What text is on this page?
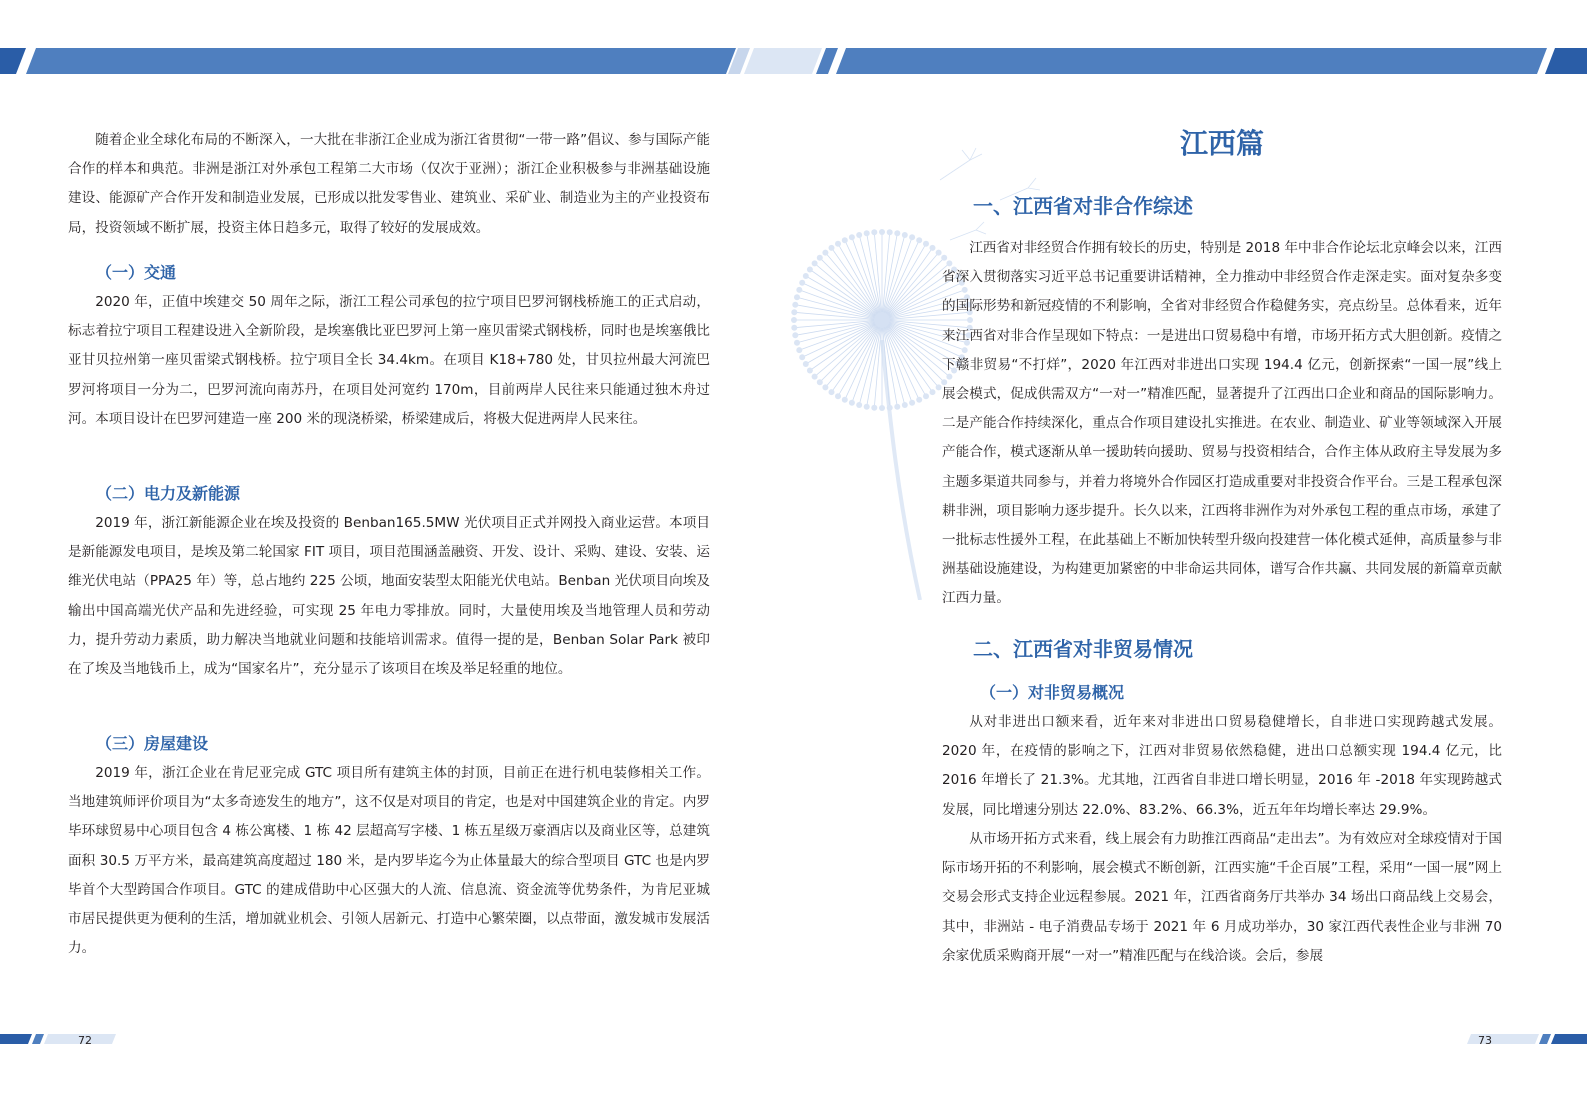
随着企业全球化布局的不断深入，一大批在非浙江企业成为浙江省贯彻“一带一路”倡议、参与国际产能合作的样本和典范。非洲是浙江对外承包工程第二大市场（仅次于亚洲）；浙江企业积极参与非洲基础设施建设、能源矿产合作开发和制造业发展，已形成以批发零售业、建筑业、采矿业、制造业为主的产业投资布局，投资领域不断扩展，投资主体日趋多元，取得了较好的发展成效。

（一）交通

2020 年，正值中埃建交 50 周年之际，浙江工程公司承包的拉宁项目巴罗河钢栈桥施工的正式启动，标志着拉宁项目工程建设进入全新阶段，是埃塞俄比亚巴罗河上第一座贝雷梁式钢栈桥，同时也是埃塞俄比亚甘贝拉州第一座贝雷梁式钢栈桥。拉宁项目全长 34.4km。在项目 K18+780 处，甘贝拉州最大河流巴罗河将项目一分为二，巴罗河流向南苏丹，在项目处河宽约 170m，目前两岸人民往来只能通过独木舟过河。本项目设计在巴罗河建造一座 200 米的现浇桥梁，桥梁建成后，将极大促进两岸人民来往。

（二）电力及新能源

2019 年，浙江新能源企业在埃及投资的 Benban165.5MW 光伏项目正式并网投入商业运营。本项目是新能源发电项目，是埃及第二轮国家 FIT 项目，项目范围涵盖融资、开发、设计、采购、建设、安装、运维光伏电站（PPA25 年）等，总占地约 225 公顷，地面安装型太阳能光伏电站。Benban 光伏项目向埃及输出中国高端光伏产品和先进经验，可实现 25 年电力零排放。同时，大量使用埃及当地管理人员和劳动力，提升劳动力素质，助力解决当地就业问题和技能培训需求。值得一提的是，Benban Solar Park 被印在了埃及当地钱币上，成为“国家名片”，充分显示了该项目在埃及举足轻重的地位。

（三）房屋建设

2019 年，浙江企业在肯尼亚完成 GTC 项目所有建筑主体的封顶，目前正在进行机电装修相关工作。当地建筑师评价项目为“太多奇迹发生的地方”，这不仅是对项目的肯定，也是对中国建筑企业的肯定。内罗毕环球贸易中心项目包含 4 栋公寓楼、1 栋 42 层超高写字楼、1 栋五星级万豪酒店以及商业区等，总建筑面积 30.5 万平方米，最高建筑高度超过 180 米，是内罗毕迄今为止体量最大的综合型项目 GTC 也是内罗毕首个大型跨国合作项目。GTC 的建成借助中心区强大的人流、信息流、资金流等优势条件，为肯尼亚城市居民提供更为便利的生活，增加就业机会、引领人居新元、打造中心繁荣圈，以点带面，激发城市发展活力。

江西篇
一、江西省对非合作综述

江西省对非经贸合作拥有较长的历史，特别是 2018 年中非合作论坛北京峰会以来，江西省深入贯彻落实习近平总书记重要讲话精神，全力推动中非经贸合作走深走实。面对复杂多变的国际形势和新冠疫情的不利影响，全省对非经贸合作稳健务实，亮点纷呈。总体看来，近年来江西省对非合作呈现如下特点：一是进出口贸易稳中有增，市场开拓方式大胆创新。疫情之下赣非贸易“不打烊”，2020 年江西对非进出口实现 194.4 亿元，创新探索“一国一展”线上展会模式，促成供需双方“一对一”精准匹配，显著提升了江西出口企业和商品的国际影响力。二是产能合作持续深化，重点合作项目建设扎实推进。在农业、制造业、矿业等领域深入开展产能合作，模式逐渐从单一援助转向援助、贸易与投资相结合，合作主体从政府主导发展为多主题多渠道共同参与，并着力将境外合作园区打造成重要对非投资合作平台。三是工程承包深耕非洲，项目影响力逐步提升。长久以来，江西将非洲作为对外承包工程的重点市场，承建了一批标志性援外工程，在此基础上不断加快转型升级向投建营一体化模式延伸，高质量参与非洲基础设施建设，为构建更加紧密的中非命运共同体，谱写合作共赢、共同发展的新篇章贡献江西力量。

二、江西省对非贸易情况
（一）对非贸易概况

从对非进出口额来看，近年来对非进出口贸易稳健增长，自非进口实现跨越式发展。2020 年，在疫情的影响之下，江西对非贸易依然稳健，进出口总额实现 194.4 亿元，比 2016 年增长了 21.3%。尤其地，江西省自非进口增长明显，2016 年 -2018 年实现跨越式发展，同比增速分别达 22.0%、83.2%、66.3%，近五年年均增长率达 29.9%。

从市场开拓方式来看，线上展会有力助推江西商品“走出去”。为有效应对全球疫情对于国际市场开拓的不利影响，展会模式不断创新，江西实施“千企百展”工程，采用“一国一展”网上交易会形式支持企业远程参展。2021 年，江西省商务厅共举办 34 场出口商品线上交易会，其中，非洲站 - 电子消费品专场于 2021 年 6 月成功举办，30 家江西代表性企业与非洲 70 余家优质采购商开展“一对一”精准匹配与在线洽谈。会后，参展

72	73
